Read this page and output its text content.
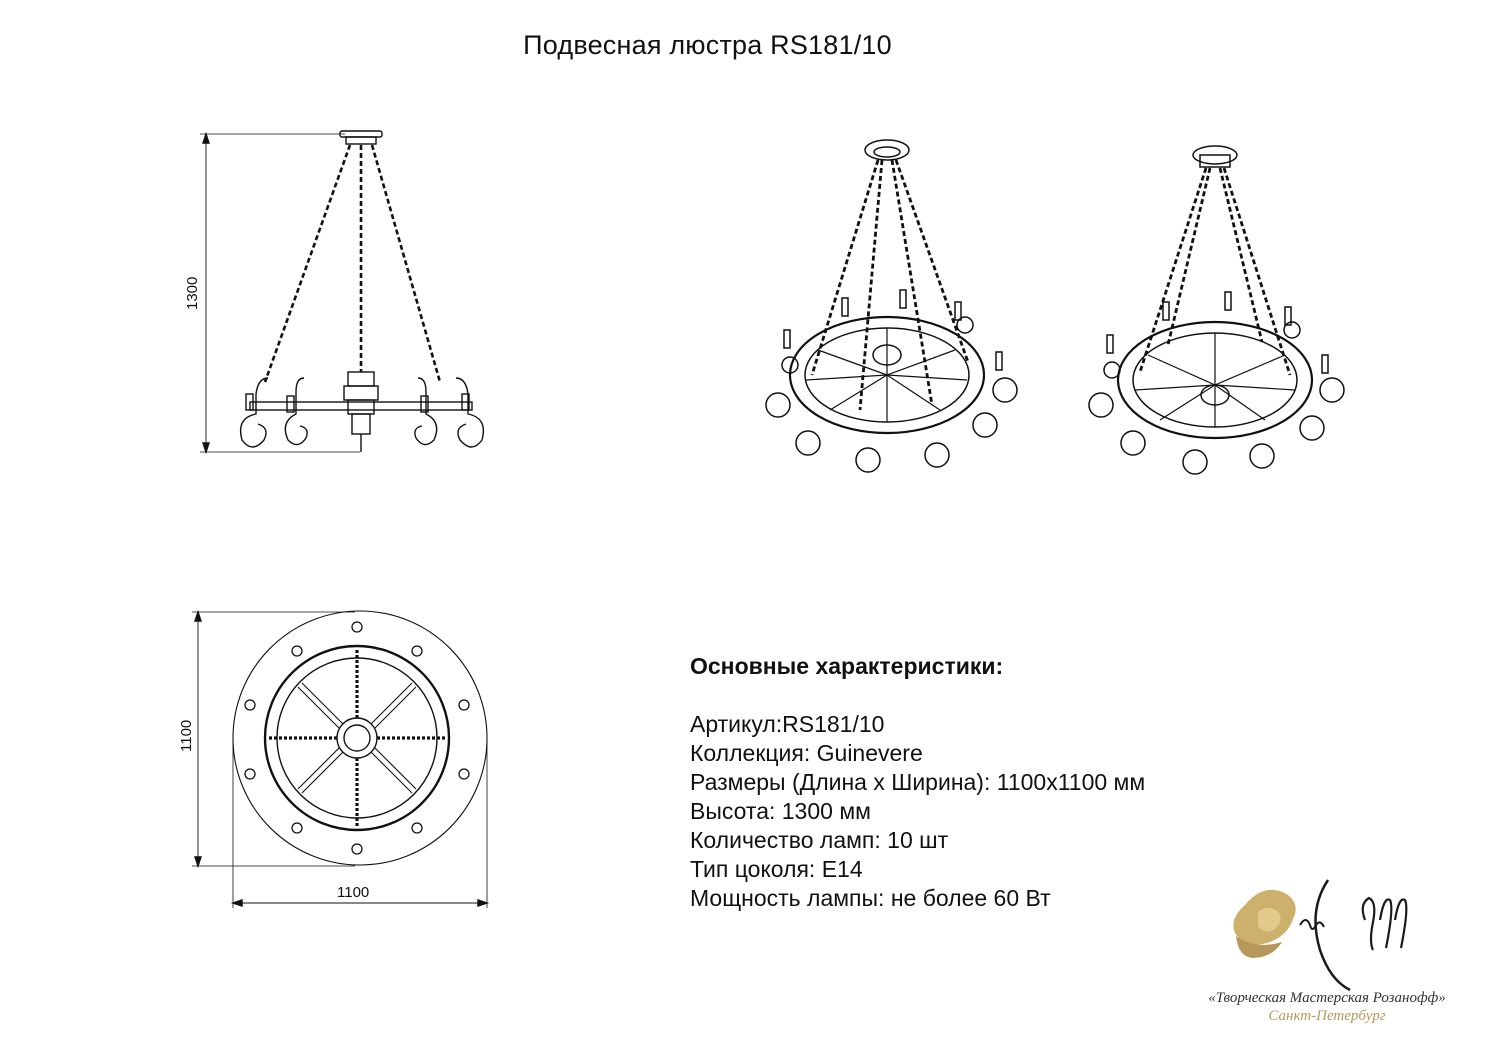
Подвесная люстра RS181/10
1300
1100
1100
Основные характеристики:
Артикул:RS181/10
Коллекция: Guinevere
Размеры (Длина х Ширина): 1100x1100 мм
Высота: 1300 мм
Количество ламп: 10 шт
Тип цоколя: E14
Мощность лампы: не более 60 Вт
«Творческая Мастерская Розанофф»
Санкт-Петербург
